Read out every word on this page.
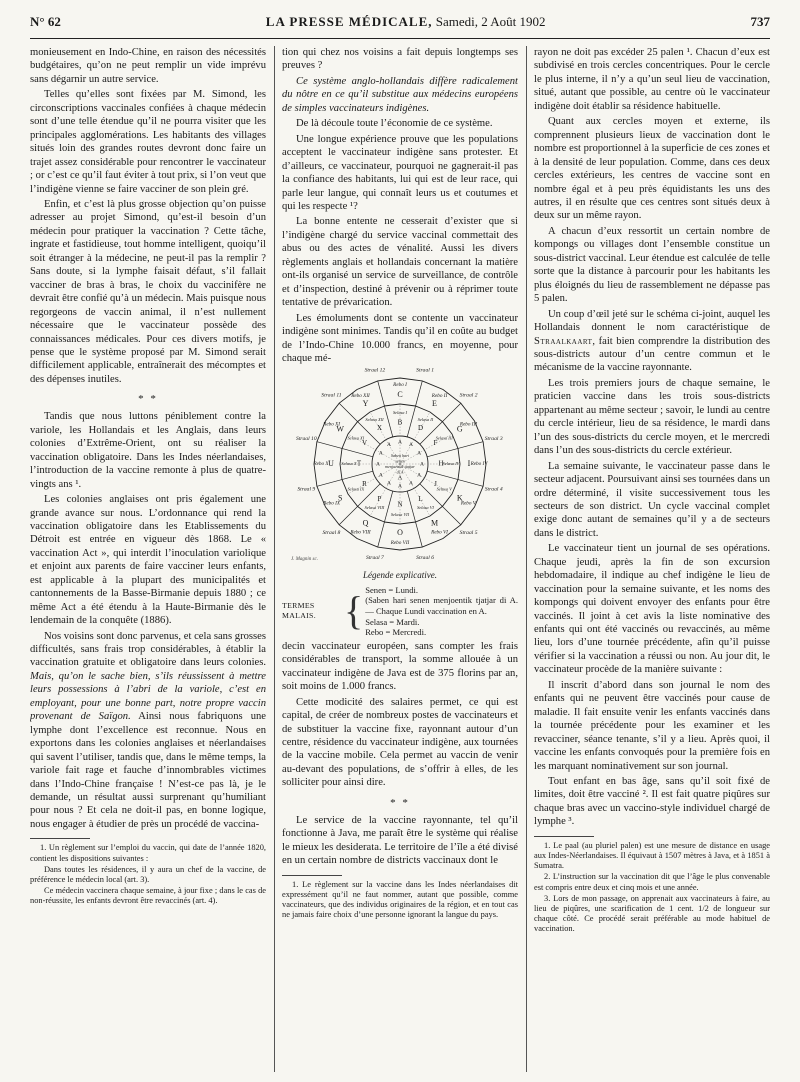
N° 62	LA PRESSE MÉDICALE, Samedi, 2 Août 1902	737

monieusement en Indo-Chine, en raison des nécessités budgétaires, qu’on ne peut remplir un vide imprévu sans dégarnir un autre service.

Telles qu’elles sont fixées par M. Simond, les circonscriptions vaccinales confiées à chaque médecin sont d’une telle étendue qu’il ne pourra visiter que les principales agglomérations. Les habitants des villages situés loin des grandes routes devront donc faire un trajet assez considérable pour rencontrer le vaccinateur ; or c’est ce qu’il faut éviter à tout prix, si l’on veut que l’indigène vienne se faire vacciner de son plein gré.

Enfin, et c’est là plus grosse objection qu’on puisse adresser au projet Simond, qu’est-il besoin d’un médecin pour pratiquer la vaccination ? Cette tâche, ingrate et fastidieuse, tout homme intelligent, quoiqu’il soit étranger à la médecine, ne peut-il pas la remplir ? Sans doute, si la lymphe faisait défaut, s’il fallait vacciner de bras à bras, le choix du vaccinifère ne devrait être confié qu’à un médecin. Mais puisque nous regorgeons de vaccin animal, il n’est nullement nécessaire que le vaccinateur possède des connaissances médicales. Pour ces divers motifs, je pense que le système proposé par M. Simond serait difficilement applicable, entraînerait des mécomptes et des dépenses inutiles.

* *

Tandis que nous luttons péniblement contre la variole, les Hollandais et les Anglais, dans leurs colonies d’Extrême-Orient, ont su réaliser la vaccination obligatoire. Dans les Indes néerlandaises, l’introduction de la vaccine remonte à plus de quatre-vingts ans ¹.

Les colonies anglaises ont pris également une grande avance sur nous. L’ordonnance qui rend la vaccination obligatoire dans les Etablissements du Détroit est entrée en vigueur dès 1868. Le « vaccination Act », qui interdit l’inoculation variolique et enjoint aux parents de faire vacciner leurs enfants, est applicable à la plupart des municipalités et cantonnements de la Basse-Birmanie depuis 1880 ; ce même Act a été étendu à la Haute-Birmanie dès le lendemain de la conquête (1886).

Nos voisins sont donc parvenus, et cela sans grosses difficultés, sans frais trop considérables, à établir la vaccination gratuite et obligatoire dans leurs colonies. Mais, qu’on le sache bien, s’ils réussissent à mettre leurs possessions à l’abri de la variole, c’est en employant, pour une bonne part, notre propre vaccin provenant de Saïgon. Ainsi nous fabriquons une lymphe dont l’excellence est reconnue. Nous en exportons dans les colonies anglaises et néerlandaises qui savent l’utiliser, tandis que, dans le même temps, la variole fait rage et fauche d’innombrables victimes dans l’Indo-Chine française ! N’est-ce pas là, je le demande, un résultat aussi surprenant qu’humiliant pour nous ? Et cela ne doit-il pas, en bonne logique, nous engager à étudier de près un procédé de vaccina-

1. Un règlement sur l’emploi du vaccin, qui date de l’année 1820, contient les dispositions suivantes :

Dans toutes les résidences, il y aura un chef de la vaccine, de préférence le médecin local (art. 3).

Ce médecin vaccinera chaque semaine, à jour fixe ; dans le cas de non-réussite, les enfants devront être revaccinés (art. 4).

tion qui chez nos voisins a fait depuis longtemps ses preuves ?

Ce système anglo-hollandais diffère radicalement du nôtre en ce qu’il substitue aux médecins européens de simples vaccinateurs indigènes.

De là découle toute l’économie de ce système.

Une longue expérience prouve que les populations acceptent le vaccinateur indigène sans protester. Et d’ailleurs, ce vaccinateur, pourquoi ne gagnerait-il pas la confiance des habitants, lui qui est de leur race, qui parle leur langue, qui connaît leurs us et coutumes et qui les respecte ¹?

La bonne entente ne cesserait d’exister que si l’indigène chargé du service vaccinal commettait des abus ou des actes de vénalité. Aussi les divers règlements anglais et hollandais concernant la matière ont-ils organisé un service de surveillance, de contrôle et d’inspection, destiné à prévenir ou à réprimer toute tentative de prévarication.

Les émoluments dont se contente un vaccinateur indigène sont minimes. Tandis qu’il en coûte au budget de l’Indo-Chine 10.000 francs, en moyenne, pour chaque mé-

Rebo I
C
Selasa I
B
A
Straal 1
Rebo II
E
Selasa II
D
A
Straal 2
Rebo III
G
Selasa III
F
A
Straal 3
Rebo IV
I
Selasa IV
H
A
Straal 4
Rebo V
K
Selasa V
J
A
Straal 5
Rebo VI
M
Selasa VI
L
A
Straal 6
Rebo VII
O
Selasa VII
N
A
Straal 7
Rebo VIII
Q
Selasa VIII
P
A
Straal 8
Rebo IX
S
Selasa IX
R
A
Straal 9
Rebo X U Selasa X T	A
Straal 10
Rebo XI
W
Selasa XI
V
A
Straal 11 Rebo XII
Y
Selasa XII
X
A
Straal 12
Saben hari
senen
menjoentik tjatjar
di A
A
J. Magnin sc.
Légende explicative.
TERMES MALAIS. { Senen = Lundi.
(Saben hari senen menjoentik tjatjar di A. — Chaque Lundi vaccination en A.
Selasa = Mardi.
Rebo = Mercredi.

decin vaccinateur européen, sans compter les frais considérables de transport, la somme allouée à un vaccinateur indigène de Java est de 375 florins par an, soit moins de 1.000 francs.

Cette modicité des salaires permet, ce qui est capital, de créer de nombreux postes de vaccinateurs et de substituer la vaccine fixe, rayonnant autour d’un centre, résidence du vaccinateur indigène, aux tournées de la vaccine mobile. Cela permet au vaccin de venir au-devant des populations, de s’offrir à elles, de les solliciter pour ainsi dire.

* *

Le service de la vaccine rayonnante, tel qu’il fonctionne à Java, me paraît être le système qui réalise le mieux les desiderata. Le territoire de l’île a été divisé en un certain nombre de districts vaccinaux dont le

1. Le règlement sur la vaccine dans les Indes néerlandaises dit expressément qu’il ne faut nommer, autant que possible, comme vaccinateurs, que des individus originaires de la région, et en tout cas ne jamais faire choix d’une personne ignorant la langue du pays.

rayon ne doit pas excéder 25 palen ¹. Chacun d’eux est subdivisé en trois cercles concentriques. Pour le cercle le plus interne, il n’y a qu’un seul lieu de vaccination, situé, autant que possible, au centre où le vaccinateur indigène doit établir sa résidence habituelle.

Quant aux cercles moyen et externe, ils comprennent plusieurs lieux de vaccination dont le nombre est proportionnel à la superficie de ces zones et à la densité de leur population. Comme, dans ces deux cercles extérieurs, les centres de vaccine sont en nombre égal et à peu près équidistants les uns des autres, il en résulte que ces centres sont situés deux à deux sur un même rayon.

A chacun d’eux ressortit un certain nombre de kompongs ou villages dont l’ensemble constitue un sous-district vaccinal. Leur étendue est calculée de telle sorte que la distance à parcourir pour les habitants les plus éloignés du lieu de rassemblement ne dépasse pas 5 palen.

Un coup d’œil jeté sur le schéma ci-joint, auquel les Hollandais donnent le nom caractéristique de Straalkaart, fait bien comprendre la distribution des sous-districts autour d’un centre commun et le mécanisme de la vaccine rayonnante.

Les trois premiers jours de chaque semaine, le praticien vaccine dans les trois sous-districts appartenant au même secteur ; savoir, le lundi au centre du cercle intérieur, lieu de sa résidence, le mardi dans l’un des sous-districts du cercle moyen, et le mercredi dans l’un des sous-districts du cercle extérieur.

La semaine suivante, le vaccinateur passe dans le secteur adjacent. Poursuivant ainsi ses tournées dans un ordre déterminé, il visite successivement tous les secteurs de son district. Un cycle vaccinal complet exige donc autant de semaines qu’il y a de secteurs dans le district.

Le vaccinateur tient un journal de ses opérations. Chaque jeudi, après la fin de son excursion hebdomadaire, il indique au chef indigène le lieu de vaccination pour la semaine suivante, et les noms des kompongs qui doivent envoyer des enfants pour être vaccinés. Il joint à cet avis la liste nominative des enfants qui ont été vaccinés ou revaccinés, au même lieu, lors d’une tournée précédente, afin qu’il puisse vérifier si la vaccination a réussi ou non. Au jour dit, le vaccinateur procède de la manière suivante :

Il inscrit d’abord dans son journal le nom des enfants qui ne peuvent être vaccinés pour cause de maladie. Il fait ensuite venir les enfants vaccinés dans la tournée précédente pour les examiner et les revacciner, séance tenante, s’il y a lieu. Après quoi, il vaccine les enfants convoqués pour la première fois en les marquant nominativement sur son journal.

Tout enfant en bas âge, sans qu’il soit fixé de limites, doit être vacciné ². Il est fait quatre piqûres sur chaque bras avec un vaccino-style individuel chargé de lymphe ³.

1. Le paal (au pluriel palen) est une mesure de distance en usage aux Indes-Néerlandaises. Il équivaut à 1507 mètres à Java, et à 1851 à Sumatra.

2. L’instruction sur la vaccination dit que l’âge le plus convenable est compris entre deux et cinq mois et une année.

3. Lors de mon passage, on apprenait aux vaccinateurs à faire, au lieu de piqûres, une scarification de 1 cent. 1/2 de longueur sur chaque côté. Ce procédé serait préférable au mode habituel de vaccination.
